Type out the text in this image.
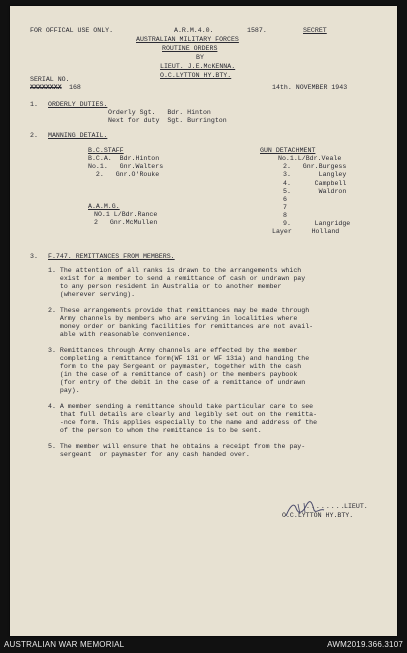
FOR OFFICAL USE ONLY.	A.R.M.4.0.	1587.	SECRET
AUSTRALIAN MILITARY FORCES
ROUTINE ORDERS
BY
LIEUT. J.E.McKENNA.
O.C.LYTTON HY.BTY.
SERIAL NO.
XXXXXXXX 168	14th. NOVEMBER 1943
1. ORDERLY DUTIES.
Orderly Sgt.   Bdr. Hinton
Next for duty  Sgt. Burrington
2. MANNING DETAIL.
B.C.STAFF
B.C.A.  Bdr.Hinton
No.1.   Gnr.Walters
2.   Gnr.O'Rouke
A.A.M.G.
NO.1 L/Bdr.Rance
2   Gnr.McMullen
GUN DETACHMENT
No.1.L/Bdr.Veale
2.   Gnr.Burgess
3.       Langley
4.      Campbell
5.       Waldron
6
7
8
9.      Langridge
Layer     Holland
3. F.747. REMITTANCES FROM MEMBERS.
1. The attention of all ranks is drawn to the arrangements which
exist for a member to send a remittance of cash or undrawn pay
to any person resident in Australia or to another member
(wherever serving).
2. These arrangements provide that remittances may be made through
Army channels by members who are serving in localities where
money order or banking facilities for remittances are not avail-
able with reasonable convenience.
3. Remittances through Army channels are effected by the member
completing a remittance form(WF 131 or WF 131a) and handing the
form to the pay Sergeant or paymaster, together with the cash
(in the case of a remittance of cash) or the members paybook
(for entry of the debit in the case of a remittance of undrawn
pay).
4. A member sending a remittance should take particular care to see
that full details are clearly and legibly set out on the remitta-
-nce form. This applies especially to the name and address of the
of the person to whom the remittance is to be sent.
5. The member will ensure that he obtains a receipt from the pay-
sergeant  or paymaster for any cash handed over.
........
LIEUT.
O.C.LYTTON HY.BTY.
AUSTRALIAN WAR MEMORIAL	AWM2019.366.3107
